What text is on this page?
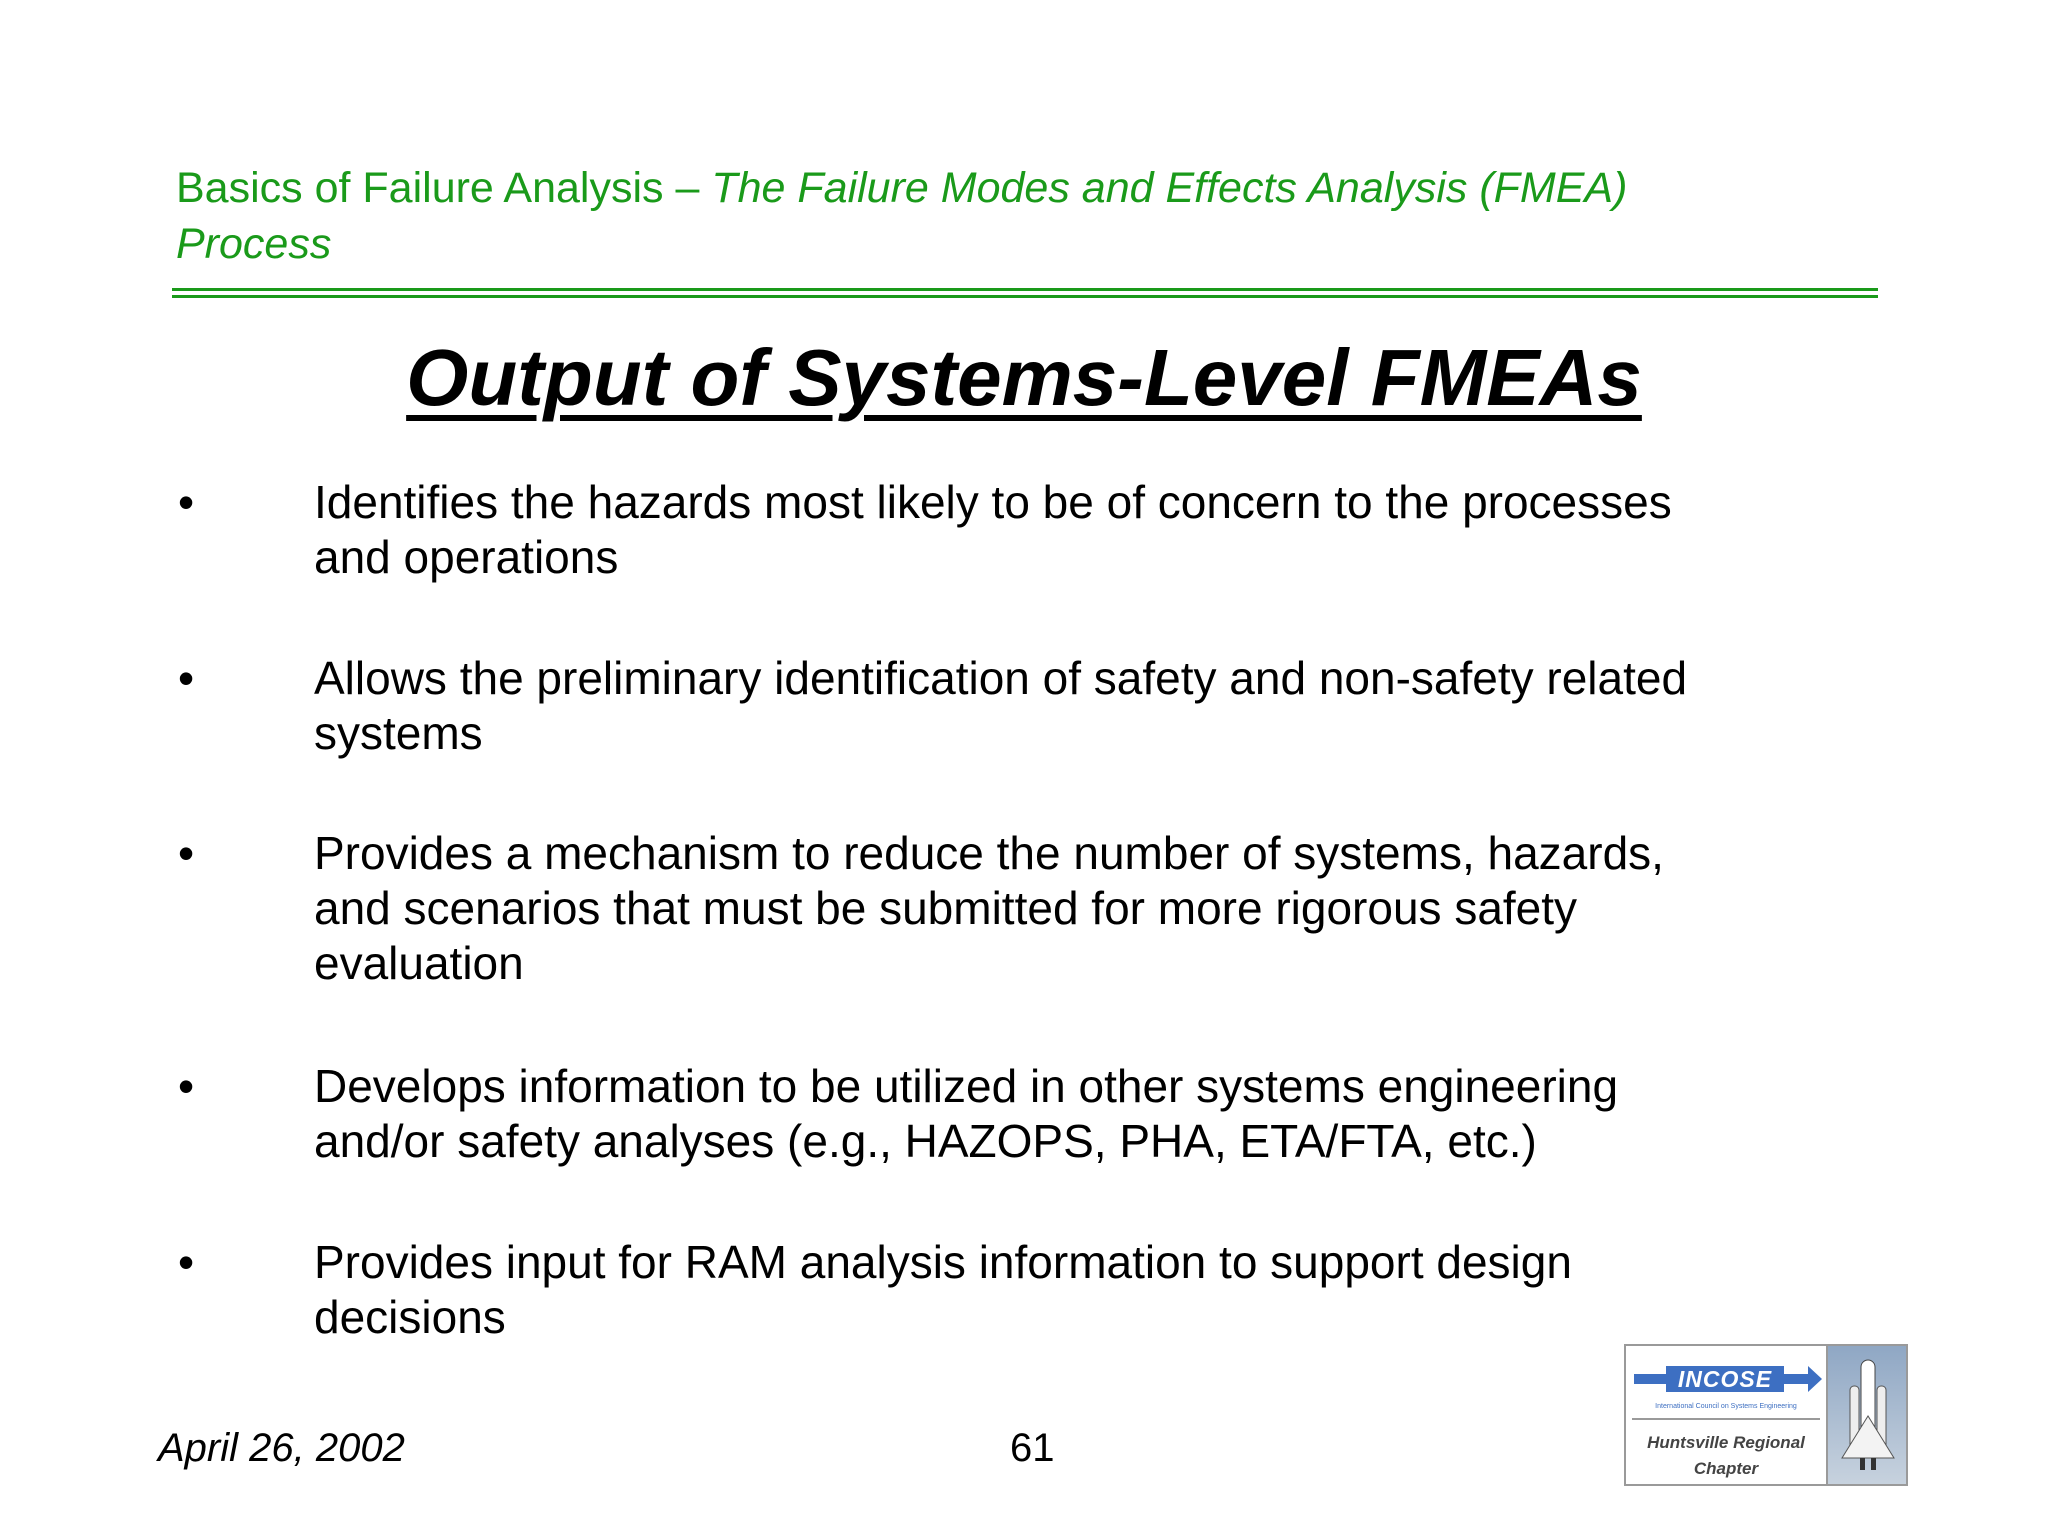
Basics of Failure Analysis – The Failure Modes and Effects Analysis (FMEA)
Process
Output of Systems-Level FMEAs
•	Identifies the hazards most likely to be of concern to the processes
and operations
•	Allows the preliminary identification of safety and non-safety related
systems
•	Provides a mechanism to reduce the number of systems, hazards,
and scenarios that must be submitted for more rigorous safety
evaluation
•	Develops information to be utilized in other systems engineering
and/or safety analyses (e.g., HAZOPS, PHA, ETA/FTA, etc.)
•	Provides input for RAM analysis information to support design
decisions
April 26, 2002	61
INCOSE
International Council on Systems Engineering
Huntsville Regional
Chapter
